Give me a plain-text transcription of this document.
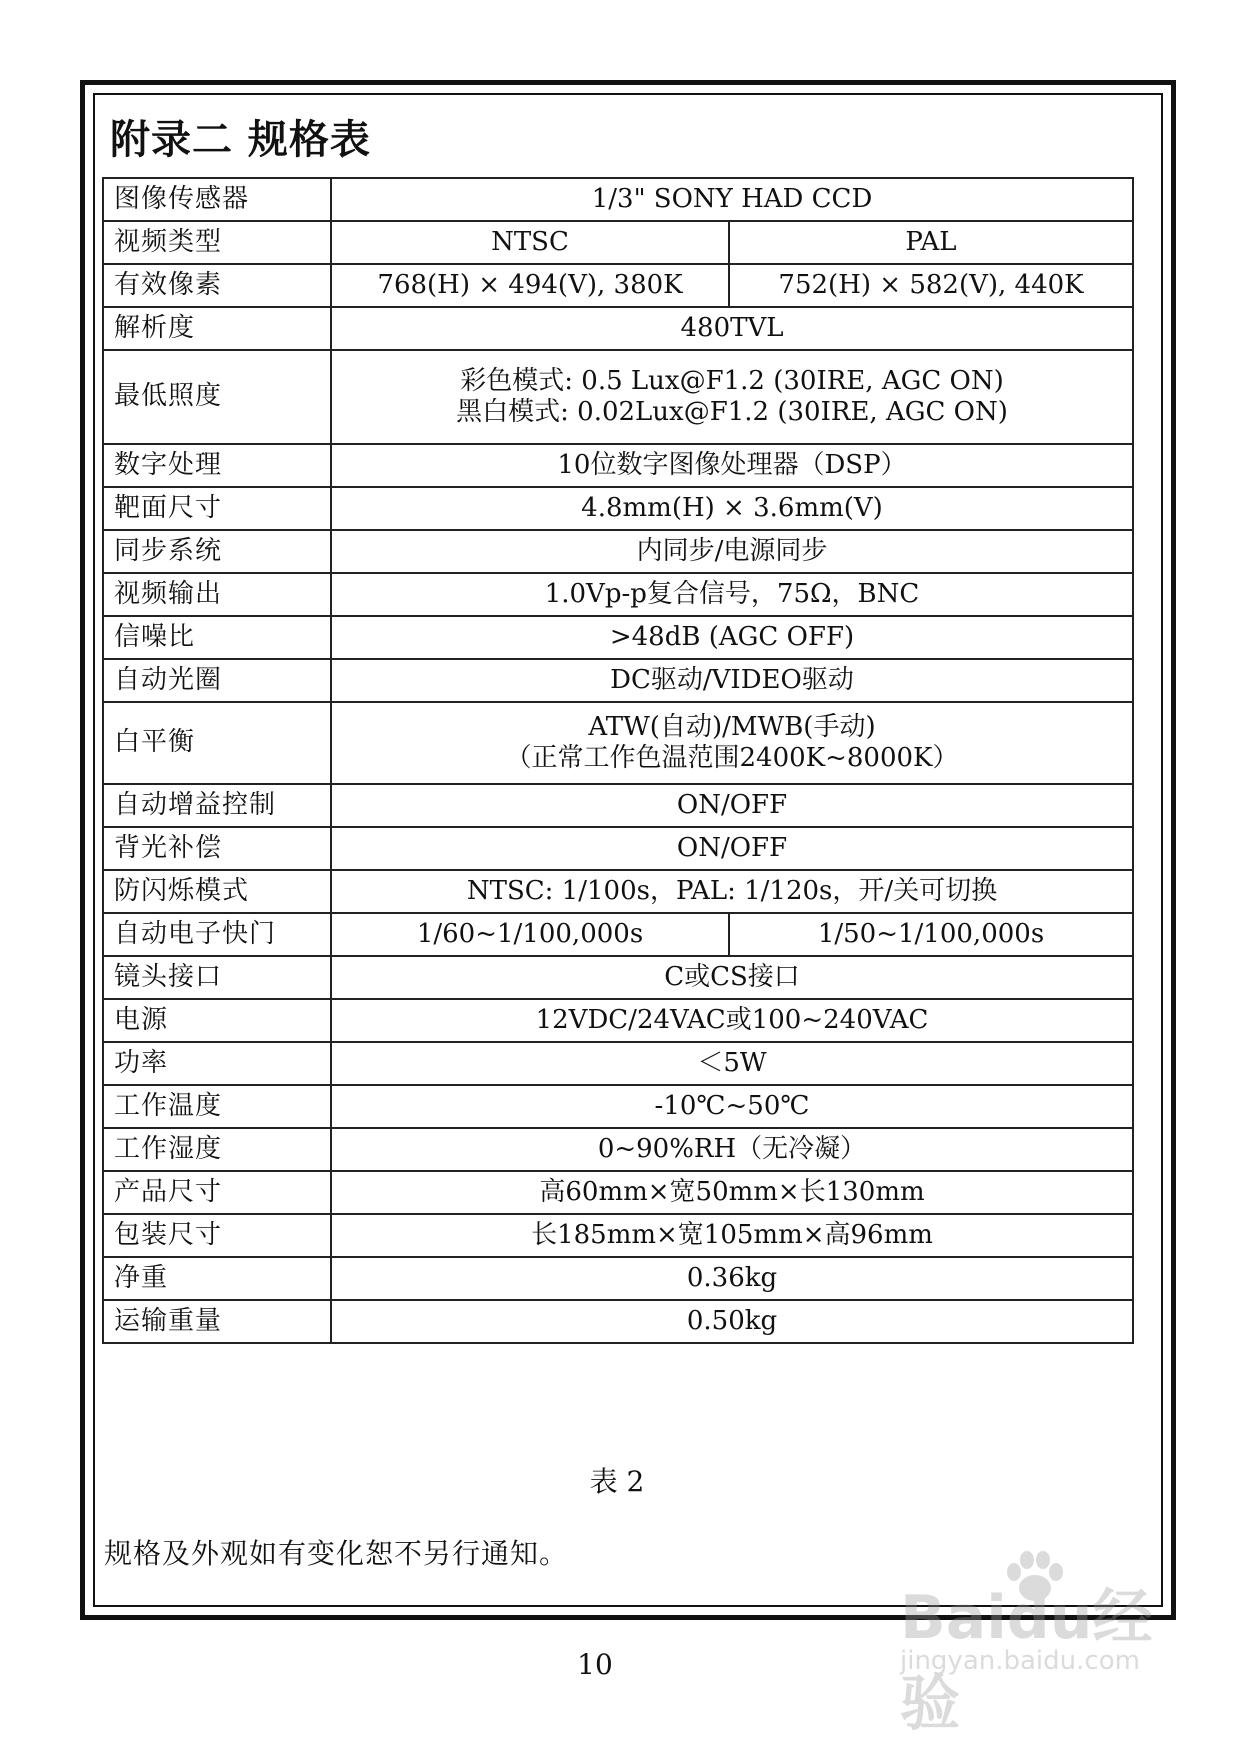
附录二 规格表
图像传感器	1/3" SONY HAD CCD	
视频类型	NTSC	PAL
有效像素	768(H) × 494(V), 380K	752(H) × 582(V), 440K
解析度	480TVL	
最低照度	彩色模式: 0.5 Lux@F1.2 (30IRE, AGC ON)
黑白模式: 0.02Lux@F1.2 (30IRE, AGC ON)	

数字处理	10位数字图像处理器（DSP）	
靶面尺寸	4.8mm(H) × 3.6mm(V)	
同步系统	内同步/电源同步	
视频输出	1.0Vp-p复合信号，75Ω，BNC	
信噪比	>48dB (AGC OFF)	
自动光圈	DC驱动/VIDEO驱动	
白平衡	ATW(自动)/MWB(手动)
（正常工作色温范围2400K~8000K）	

自动增益控制	ON/OFF	
背光补偿	ON/OFF	
防闪烁模式	NTSC: 1/100s，PAL: 1/120s，开/关可切换	
自动电子快门	1/60~1/100,000s	1/50~1/100,000s
镜头接口	C或CS接口	
电源	12VDC/24VAC或100~240VAC	
功率	＜5W	
工作温度	-10℃~50℃	
工作湿度	0~90%RH（无冷凝）	
产品尺寸	高60mm×宽50mm×长130mm	
包装尺寸	长185mm×宽105mm×高96mm	
净重	0.36kg	
运输重量	0.50kg	
表 2
规格及外观如有变化恕不另行通知。
10
Baidu经验
jingyan.baidu.com
